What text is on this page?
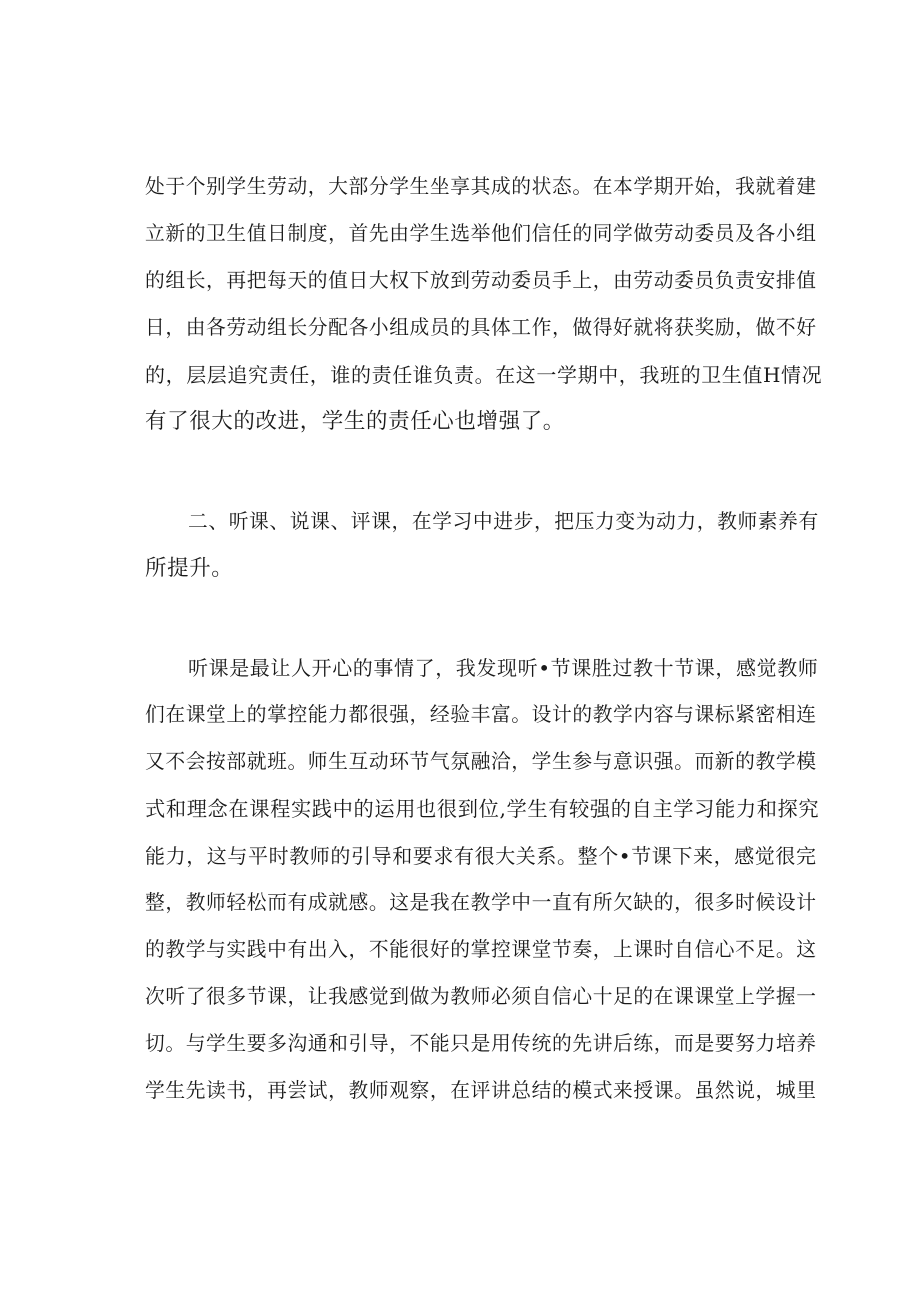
处于个别学生劳动，大部分学生坐享其成的状态。在本学期开始，我就着建
立新的卫生值日制度，首先由学生选举他们信任的同学做劳动委员及各小组
的组长，再把每天的值日大权下放到劳动委员手上，由劳动委员负责安排值
日，由各劳动组长分配各小组成员的具体工作，做得好就将获奖励，做不好
的，层层追究责任，谁的责任谁负责。在这一学期中，我班的卫生值H情况
有了很大的改进，学生的责任心也增强了。
二、听课、说课、评课，在学习中进步，把压力变为动力，教师素养有
所提升。
听课是最让人开心的事情了，我发现听•节课胜过教十节课，感觉教师
们在课堂上的掌控能力都很强，经验丰富。设计的教学内容与课标紧密相连
又不会按部就班。师生互动环节气氛融洽，学生参与意识强。而新的教学模
式和理念在课程实践中的运用也很到位,学生有较强的自主学习能力和探究
能力，这与平时教师的引导和要求有很大关系。整个•节课下来，感觉很完
整，教师轻松而有成就感。这是我在教学中一直有所欠缺的，很多时候设计
的教学与实践中有出入，不能很好的掌控课堂节奏，上课时自信心不足。这
次听了很多节课，让我感觉到做为教师必须自信心十足的在课课堂上学握一
切。与学生要多沟通和引导，不能只是用传统的先讲后练，而是要努力培养
学生先读书，再尝试，教师观察，在评讲总结的模式来授课。虽然说，城里
